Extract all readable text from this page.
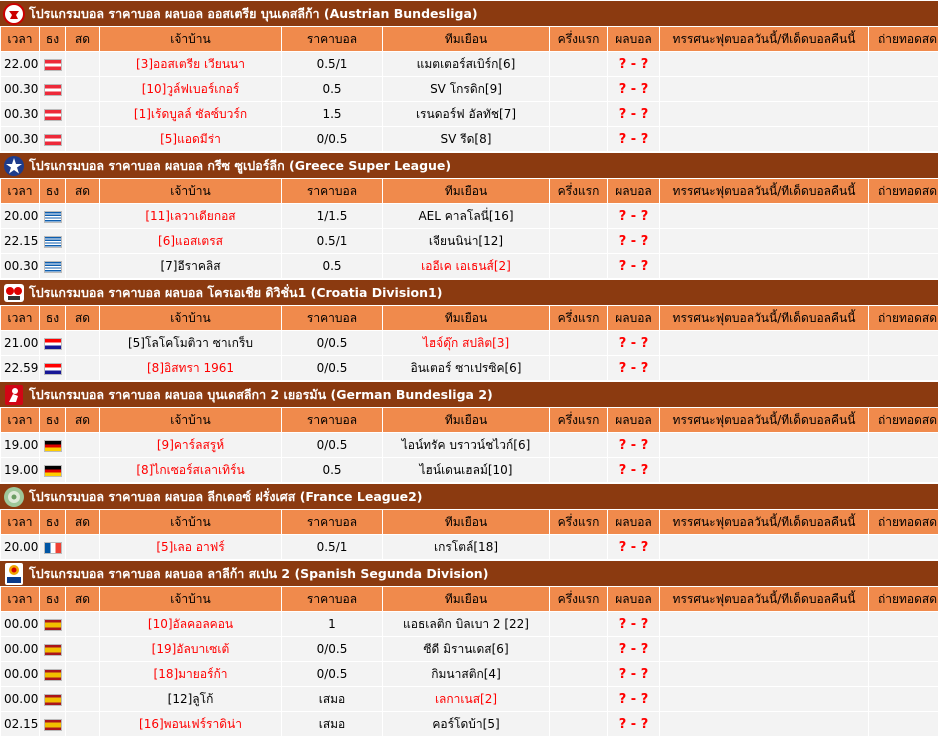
โปรแกรมบอล ราคาบอล ผลบอล ออสเตรีย บุนเดสลีก้า (Austrian Bundesliga)
เวลา	ธง	สด	เจ้าบ้าน	ราคาบอล	ทีมเยือน	ครึ่งแรก	ผลบอล	ทรรศนะฟุตบอลวันนี้/ทีเด็ดบอลคืนนี้	ถ่ายทอดสด
22.00			[3]ออสเตรีย เวียนนา	0.5/1	แมตเตอร์สเบิร์ก[6]		? - ?		
00.30			[10]วูล์ฟเบอร์เกอร์	0.5	SV โกรดิก[9]		? - ?		
00.30			[1]เร้ดบูลล์ ซัลซ์บวร์ก	1.5	เรนดอร์ฟ อัลทัช[7]		? - ?		
00.30			[5]แอดมีร่า	0/0.5	SV รีด[8]		? - ?		
โปรแกรมบอล ราคาบอล ผลบอล กรีซ ซูเปอร์ลีก (Greece Super League)
เวลา	ธง	สด	เจ้าบ้าน	ราคาบอล	ทีมเยือน	ครึ่งแรก	ผลบอล	ทรรศนะฟุตบอลวันนี้/ทีเด็ดบอลคืนนี้	ถ่ายทอดสด
20.00			[11]เลวาเดียกอส	1/1.5	AEL คาลโลนี่[16]		? - ?		
22.15			[6]แอสเตรส	0.5/1	เจียนนิน่า[12]		? - ?		
00.30			[7]อีราคลิส	0.5	เออีเค เอเธนส์[2]		? - ?		
โปรแกรมบอล ราคาบอล ผลบอล โครเอเชีย ดิวิชั่น1 (Croatia Division1)
เวลา	ธง	สด	เจ้าบ้าน	ราคาบอล	ทีมเยือน	ครึ่งแรก	ผลบอล	ทรรศนะฟุตบอลวันนี้/ทีเด็ดบอลคืนนี้	ถ่ายทอดสด
21.00			[5]โลโคโมติวา ซาเกร็บ	0/0.5	ไฮจ์ดุ๊ก สปลิต[3]		? - ?		
22.59			[8]อิสทรา 1961	0/0.5	อินเตอร์ ซาเปรซิค[6]		? - ?		
โปรแกรมบอล ราคาบอล ผลบอล บุนเดสลีกา 2 เยอรมัน (German Bundesliga 2)
เวลา	ธง	สด	เจ้าบ้าน	ราคาบอล	ทีมเยือน	ครึ่งแรก	ผลบอล	ทรรศนะฟุตบอลวันนี้/ทีเด็ดบอลคืนนี้	ถ่ายทอดสด
19.00			[9]คาร์ลสรูห์	0/0.5	ไอน์ทรัค บราวน์ชไวก์[6]		? - ?		
19.00			[8]ไกเซอร์สเลาเทิร์น	0.5	ไฮน์เดนเฮลม์[10]		? - ?		
โปรแกรมบอล ราคาบอล ผลบอล ลีกเดอซ์ ฝรั่งเศส (France League2)
เวลา	ธง	สด	เจ้าบ้าน	ราคาบอล	ทีมเยือน	ครึ่งแรก	ผลบอล	ทรรศนะฟุตบอลวันนี้/ทีเด็ดบอลคืนนี้	ถ่ายทอดสด
20.00			[5]เลอ อาฟร์	0.5/1	เกรโตล์[18]		? - ?		
โปรแกรมบอล ราคาบอล ผลบอล ลาลีก้า สเปน 2 (Spanish Segunda Division)
เวลา	ธง	สด	เจ้าบ้าน	ราคาบอล	ทีมเยือน	ครึ่งแรก	ผลบอล	ทรรศนะฟุตบอลวันนี้/ทีเด็ดบอลคืนนี้	ถ่ายทอดสด
00.00			[10]อัลคอลคอน	1	แอธเลติก บิลเบา 2 [22]		? - ?		
00.00			[19]อัลบาเซเต้	0/0.5	ซีดี มิรานเดส[6]		? - ?		
00.00			[18]มายอร์ก้า	0/0.5	กิมนาสติก[4]		? - ?		
00.00			[12]ลูโก้	เสมอ	เลกาเนส[2]		? - ?		
02.15			[16]พอนเฟร์ราดิน่า	เสมอ	คอร์โดบ้า[5]		? - ?		
